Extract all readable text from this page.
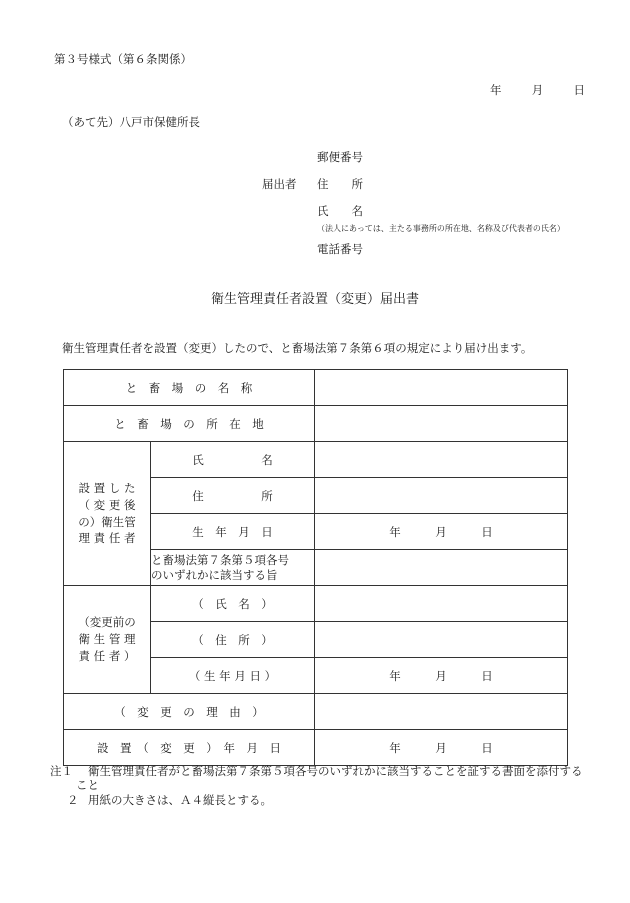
第３号様式（第６条関係）
年	月	日
（あて先）八戸市保健所長
届出者
郵便番号
住　　所
氏　　名
（法人にあっては、主たる事務所の所在地、名称及び代表者の氏名）
電話番号
衛生管理責任者設置（変更）届出書
衛生管理責任者を設置（変更）したので、と畜場法第７条第６項の規定により届け出ます。
と　畜　場　の　名　称		
と　畜　場　の　所　在　地		
設 置 し た
（ 変 更 後
の）衛生管
理 責 任 者	氏　　　　　名	
	住　　　　　所	
	生　年　月　日	年　　　月　　　日
	と畜場法第７条第５項各号
のいずれかに該当する旨	
（変更前の
衛 生 管 理
責 任 者 ）	（　氏　名　）	
	（　住　所　）	
	（ 生 年 月 日 ）	年　　　月　　　日
（　変　更　の　理　由　）		
設　置　（　変　更　）　年　月　日		年　　　月　　　日
注１	衛生管理責任者がと畜場法第７条第５項各号のいずれかに該当することを証する書面を添付することᅠ
２ 用紙の大きさは、Ａ４縦長とする。
